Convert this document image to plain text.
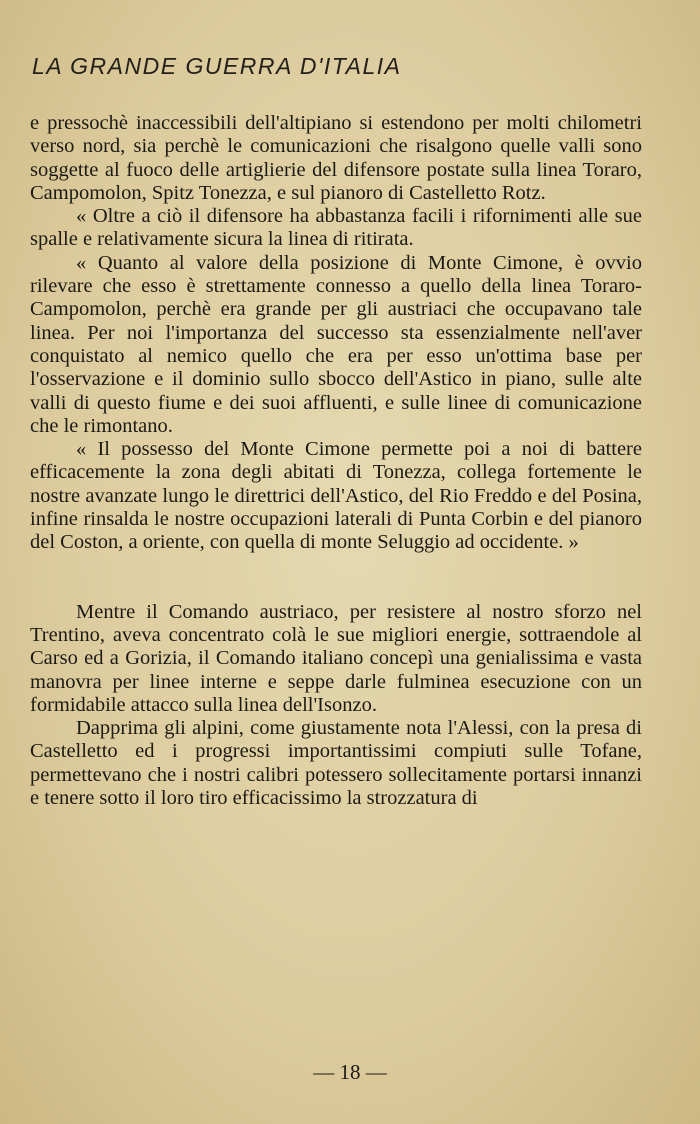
LA GRANDE GUERRA D'ITALIA

e pressochè inaccessibili dell'altipiano si estendono per molti chilometri verso nord, sia perchè le comunicazioni che risalgono quelle valli sono soggette al fuoco delle artiglierie del difensore postate sulla linea Toraro, Campomolon, Spitz Tonezza, e sul pianoro di Castelletto Rotz.

« Oltre a ciò il difensore ha abbastanza facili i rifornimenti alle sue spalle e relativamente sicura la linea di ritirata.

« Quanto al valore della posizione di Monte Cimone, è ovvio rilevare che esso è strettamente connesso a quello della linea Toraro-Campomolon, perchè era grande per gli austriaci che occupavano tale linea. Per noi l'importanza del successo sta essenzialmente nell'aver conquistato al nemico quello che era per esso un'ottima base per l'osservazione e il dominio sullo sbocco dell'Astico in piano, sulle alte valli di questo fiume e dei suoi affluenti, e sulle linee di comunicazione che le rimontano.

« Il possesso del Monte Cimone permette poi a noi di battere efficacemente la zona degli abitati di Tonezza, collega fortemente le nostre avanzate lungo le direttrici dell'Astico, del Rio Freddo e del Posina, infine rinsalda le nostre occupazioni laterali di Punta Corbin e del pianoro del Coston, a oriente, con quella di monte Seluggio ad occidente. »

Mentre il Comando austriaco, per resistere al nostro sforzo nel Trentino, aveva concentrato colà le sue migliori energie, sottraendole al Carso ed a Gorizia, il Comando italiano concepì una genialissima e vasta manovra per linee interne e seppe darle fulminea esecuzione con un formidabile attacco sulla linea dell'Isonzo.

Dapprima gli alpini, come giustamente nota l'Alessi, con la presa di Castelletto ed i progressi importantissimi compiuti sulle Tofane, permettevano che i nostri calibri potessero sollecitamente portarsi innanzi e tenere sotto il loro tiro efficacissimo la strozzatura di

— 18 —
